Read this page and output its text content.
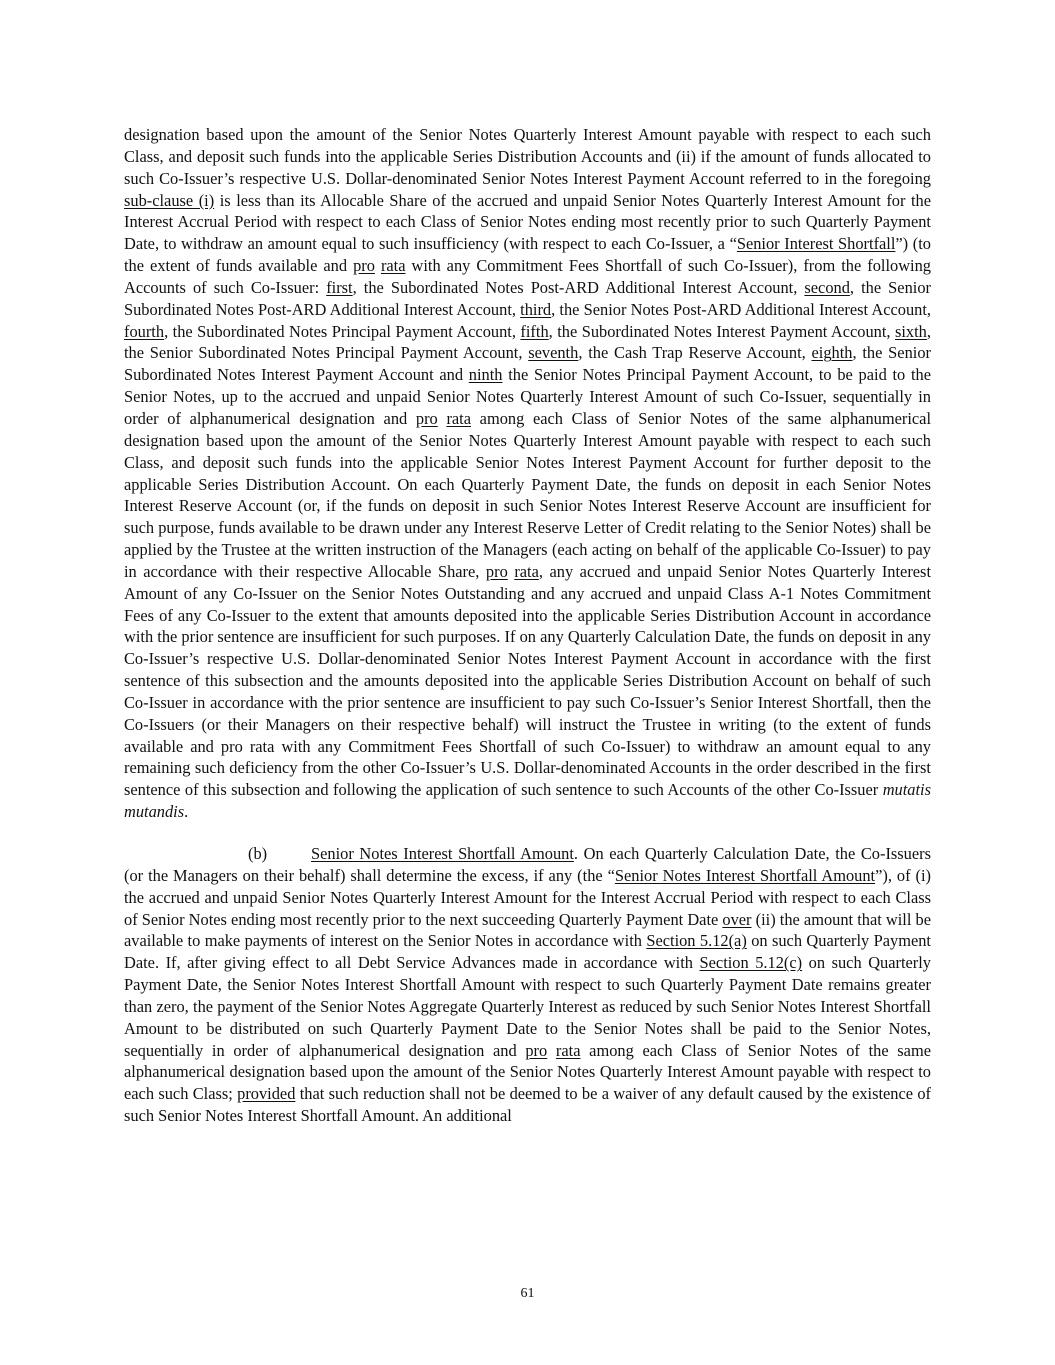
designation based upon the amount of the Senior Notes Quarterly Interest Amount payable with respect to each such Class, and deposit such funds into the applicable Series Distribution Accounts and (ii) if the amount of funds allocated to such Co-Issuer’s respective U.S. Dollar-denominated Senior Notes Interest Payment Account referred to in the foregoing sub-clause (i) is less than its Allocable Share of the accrued and unpaid Senior Notes Quarterly Interest Amount for the Interest Accrual Period with respect to each Class of Senior Notes ending most recently prior to such Quarterly Payment Date, to withdraw an amount equal to such insufficiency (with respect to each Co-Issuer, a “Senior Interest Shortfall”) (to the extent of funds available and pro rata with any Commitment Fees Shortfall of such Co-Issuer), from the following Accounts of such Co-Issuer: first, the Subordinated Notes Post-ARD Additional Interest Account, second, the Senior Subordinated Notes Post-ARD Additional Interest Account, third, the Senior Notes Post-ARD Additional Interest Account, fourth, the Subordinated Notes Principal Payment Account, fifth, the Subordinated Notes Interest Payment Account, sixth, the Senior Subordinated Notes Principal Payment Account, seventh, the Cash Trap Reserve Account, eighth, the Senior Subordinated Notes Interest Payment Account and ninth the Senior Notes Principal Payment Account, to be paid to the Senior Notes, up to the accrued and unpaid Senior Notes Quarterly Interest Amount of such Co-Issuer, sequentially in order of alphanumerical designation and pro rata among each Class of Senior Notes of the same alphanumerical designation based upon the amount of the Senior Notes Quarterly Interest Amount payable with respect to each such Class, and deposit such funds into the applicable Senior Notes Interest Payment Account for further deposit to the applicable Series Distribution Account. On each Quarterly Payment Date, the funds on deposit in each Senior Notes Interest Reserve Account (or, if the funds on deposit in such Senior Notes Interest Reserve Account are insufficient for such purpose, funds available to be drawn under any Interest Reserve Letter of Credit relating to the Senior Notes) shall be applied by the Trustee at the written instruction of the Managers (each acting on behalf of the applicable Co-Issuer) to pay in accordance with their respective Allocable Share, pro rata, any accrued and unpaid Senior Notes Quarterly Interest Amount of any Co-Issuer on the Senior Notes Outstanding and any accrued and unpaid Class A-1 Notes Commitment Fees of any Co-Issuer to the extent that amounts deposited into the applicable Series Distribution Account in accordance with the prior sentence are insufficient for such purposes. If on any Quarterly Calculation Date, the funds on deposit in any Co-Issuer’s respective U.S. Dollar-denominated Senior Notes Interest Payment Account in accordance with the first sentence of this subsection and the amounts deposited into the applicable Series Distribution Account on behalf of such Co-Issuer in accordance with the prior sentence are insufficient to pay such Co-Issuer’s Senior Interest Shortfall, then the Co-Issuers (or their Managers on their respective behalf) will instruct the Trustee in writing (to the extent of funds available and pro rata with any Commitment Fees Shortfall of such Co-Issuer) to withdraw an amount equal to any remaining such deficiency from the other Co-Issuer’s U.S. Dollar-denominated Accounts in the order described in the first sentence of this subsection and following the application of such sentence to such Accounts of the other Co-Issuer mutatis mutandis.

(b)	Senior Notes Interest Shortfall Amount. On each Quarterly Calculation Date, the Co-Issuers (or the Managers on their behalf) shall determine the excess, if any (the “Senior Notes Interest Shortfall Amount”), of (i) the accrued and unpaid Senior Notes Quarterly Interest Amount for the Interest Accrual Period with respect to each Class of Senior Notes ending most recently prior to the next succeeding Quarterly Payment Date over (ii) the amount that will be available to make payments of interest on the Senior Notes in accordance with Section 5.12(a) on such Quarterly Payment Date. If, after giving effect to all Debt Service Advances made in accordance with Section 5.12(c) on such Quarterly Payment Date, the Senior Notes Interest Shortfall Amount with respect to such Quarterly Payment Date remains greater than zero, the payment of the Senior Notes Aggregate Quarterly Interest as reduced by such Senior Notes Interest Shortfall Amount to be distributed on such Quarterly Payment Date to the Senior Notes shall be paid to the Senior Notes, sequentially in order of alphanumerical designation and pro rata among each Class of Senior Notes of the same alphanumerical designation based upon the amount of the Senior Notes Quarterly Interest Amount payable with respect to each such Class; provided that such reduction shall not be deemed to be a waiver of any default caused by the existence of such Senior Notes Interest Shortfall Amount. An additional

61
